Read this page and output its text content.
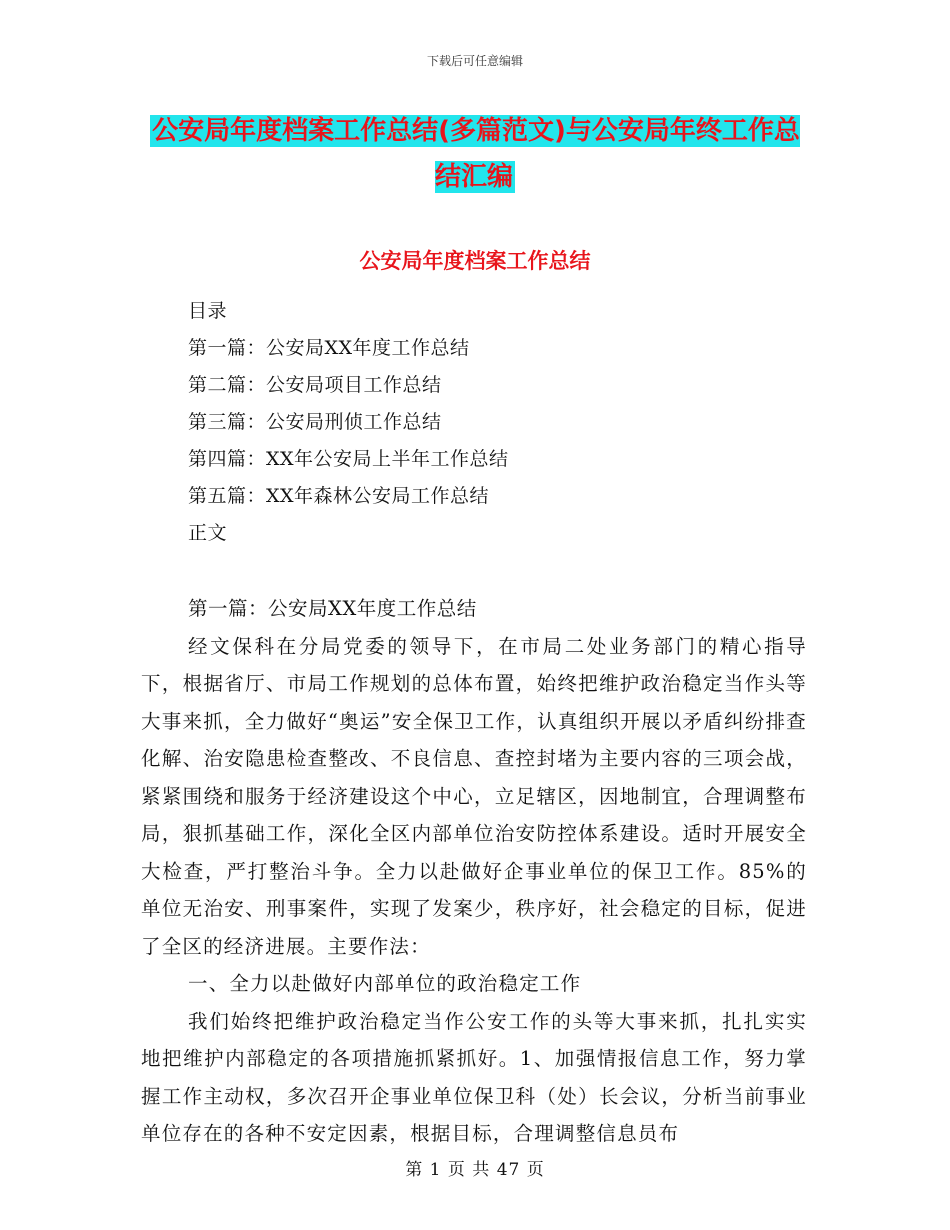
下载后可任意编辑
公安局年度档案工作总结(多篇范文)与公安局年终工作总结汇编
公安局年度档案工作总结
目录
第一篇：公安局XX年度工作总结
第二篇：公安局项目工作总结
第三篇：公安局刑侦工作总结
第四篇：XX年公安局上半年工作总结
第五篇：XX年森林公安局工作总结
正文

第一篇：公安局XX年度工作总结

经文保科在分局党委的领导下，在市局二处业务部门的精心指导下，根据省厅、市局工作规划的总体布置，始终把维护政治稳定当作头等大事来抓，全力做好“奥运”安全保卫工作，认真组织开展以矛盾纠纷排查化解、治安隐患检查整改、不良信息、查控封堵为主要内容的三项会战，紧紧围绕和服务于经济建设这个中心，立足辖区，因地制宜，合理调整布局，狠抓基础工作，深化全区内部单位治安防控体系建设。适时开展安全大检查，严打整治斗争。全力以赴做好企事业单位的保卫工作。85%的单位无治安、刑事案件，实现了发案少，秩序好，社会稳定的目标，促进了全区的经济进展。主要作法：

一、全力以赴做好内部单位的政治稳定工作

我们始终把维护政治稳定当作公安工作的头等大事来抓，扎扎实实地把维护内部稳定的各项措施抓紧抓好。1、加强情报信息工作，努力掌握工作主动权，多次召开企事业单位保卫科（处）长会议，分析当前事业单位存在的各种不安定因素，根据目标，合理调整信息员布

第 1 页 共 47 页
